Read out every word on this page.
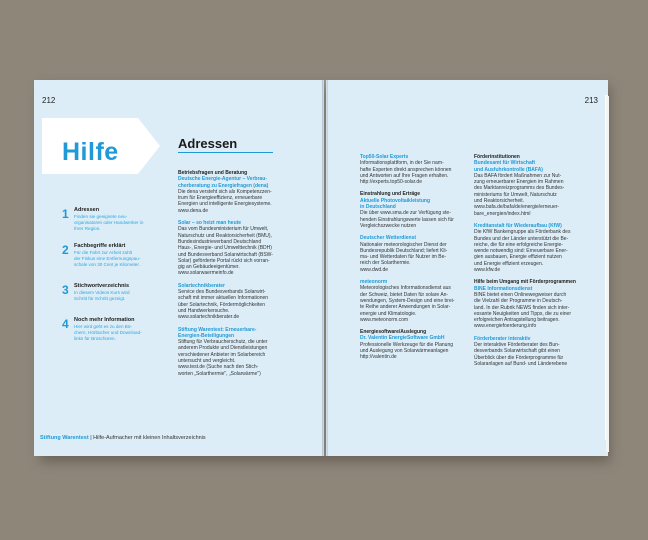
212
Hilfe
1 Adressen
Finden sie geeignete neu-
organisatoren oder Handwerker in
Ihrer Region.
2 Fachbegriffe erklärt
Für die Fahrt zur Arbeit zahlt
der Fiskus eine Entfernungspau-
schale von 30 Cent je Kilometer.
3 Stichwortverzeichnis
In diesem Videos Kurs wird
Schritt für Schritt gezeigt.
4 Noch mehr Information
Hier wird geht es zu den Bü-
chern, Hörbücher und Download-
links für Broschüren.
Adressen

Betriebsfragen und Beratung
Deutsche Energie-Agentur – Verbrau-
cherberatung zu Energiefragen (dena)
Die dena versteht sich als Kompetenzzen-
trum für Energieeffizienz, erneuerbare
Energien und intelligente Energiesysteme.
www.dena.de

Solar – so heizt man heute
Das vom Bundesministerium für Umwelt,
Naturschutz und Reaktorsicherheit (BMU),
Bundesindustrieverband Deutschland
Haus-, Energie- und Umwelttechnik (BDH)
und Bundesverband Solarwirtschaft (BSW-
Solar) geförderte Portal rückt sich vorran-
gig an Gebäudeeigentümer.
www.solarwaermeinfo.de

Solartechnikberater
Service des Bundesverbands Solarwirt-
schaft mit immer aktuellen Informationen
über Solartechnik, Fördermöglichkeiten
und Handwerkersuche.
www.solartechnikberater.de

Stiftung Warentest: Erneuerbare-
Energien-Beteiligungen
Stiftung für Verbraucherschutz, die unter
anderem Produkte und Dienstleistungen
verschiedener Anbieter im Solarbereich
untersucht und vergleicht.
www.test.de (Suche nach den Stich-
worten „Solarthermie", „Solarwärme")

Stiftung Warentest | Hilfe-Aufmacher mit kleinen Inhaltsverzeichnis
213

Top50-Solar Experts
Informationsplattform, in der Sie nam-
hafte Experten direkt ansprechen können
und Antworten auf Ihre Fragen erhalten.
http://experts.top50-solar.de

Einstrahlung und Erträge
Aktuelle Photovoltaikleistung
in Deutschland
Die über www.sma.de zur Verfügung ste-
henden Einstrahlungswerte lassen sich für
Vergleichszwecke nutzen

Deutscher Wetterdienst
Nationaler meteorologischer Dienst der
Bundesrepublik Deutschland; liefert Kli-
ma- und Wetterdaten für Nutzer im Be-
reich der Solarthermie.
www.dwd.de

meteonorm
Meteorologisches Informationsdienst aus
der Schweiz, bietet Daten für solare An-
wendungen, System-Design und eine brei-
te Reihe anderer Anwendungen in Solar-
energie und Klimatologie.
www.meteonorm.com

Energiesoftware/Auslegung
Dr. Valentin EnergieSoftware GmbH
Professionelle Werkzeuge für die Planung
und Auslegung von Solarwärmeanlagen
http://valentin.de

Förderinstitutionen
Bundesamt für Wirtschaft
und Ausfuhrkontrolle (BAFA)
Das BAFA fördert Maßnahmen zur Nut-
zung erneuerbarer Energien im Rahmen
des Marktanreizprogramms des Bundes-
ministeriums für Umwelt, Naturschutz
und Reaktorsicherheit.
www.bafa.de/bafa/de/energie/erneuer-
bare_energien/index.html

Kreditanstalt für Wiederaufbau (KfW)
Die KfW Bankengruppe als Förderbank des
Bundes und der Länder unterstützt die Be-
reiche, die für eine erfolgreiche Energie-
wende notwendig sind: Erneuerbare Ener-
gien ausbauen, Energie effizient nutzen
und Energie effizient erzeugen.
www.kfw.de

Hilfe beim Umgang mit Förderprogrammen
BINE Informationsdienst
BINE bietet einen Onlinewegweiser durch
die Vielzahl der Programme in Deutsch-
land. In der Rubrik NEWS finden sich inter-
essante Neuigkeiten und Tipps, die zu einer
erfolgreichen Antragstellung beitragen.
www.energiefoerderung.info

Förderberater interaktiv
Der interaktive Förderberater des Bun-
desverbands Solarwirtschaft gibt einen
Überblick über die Förderprogramme für
Solaranlagen auf Bund- und Länderebene
